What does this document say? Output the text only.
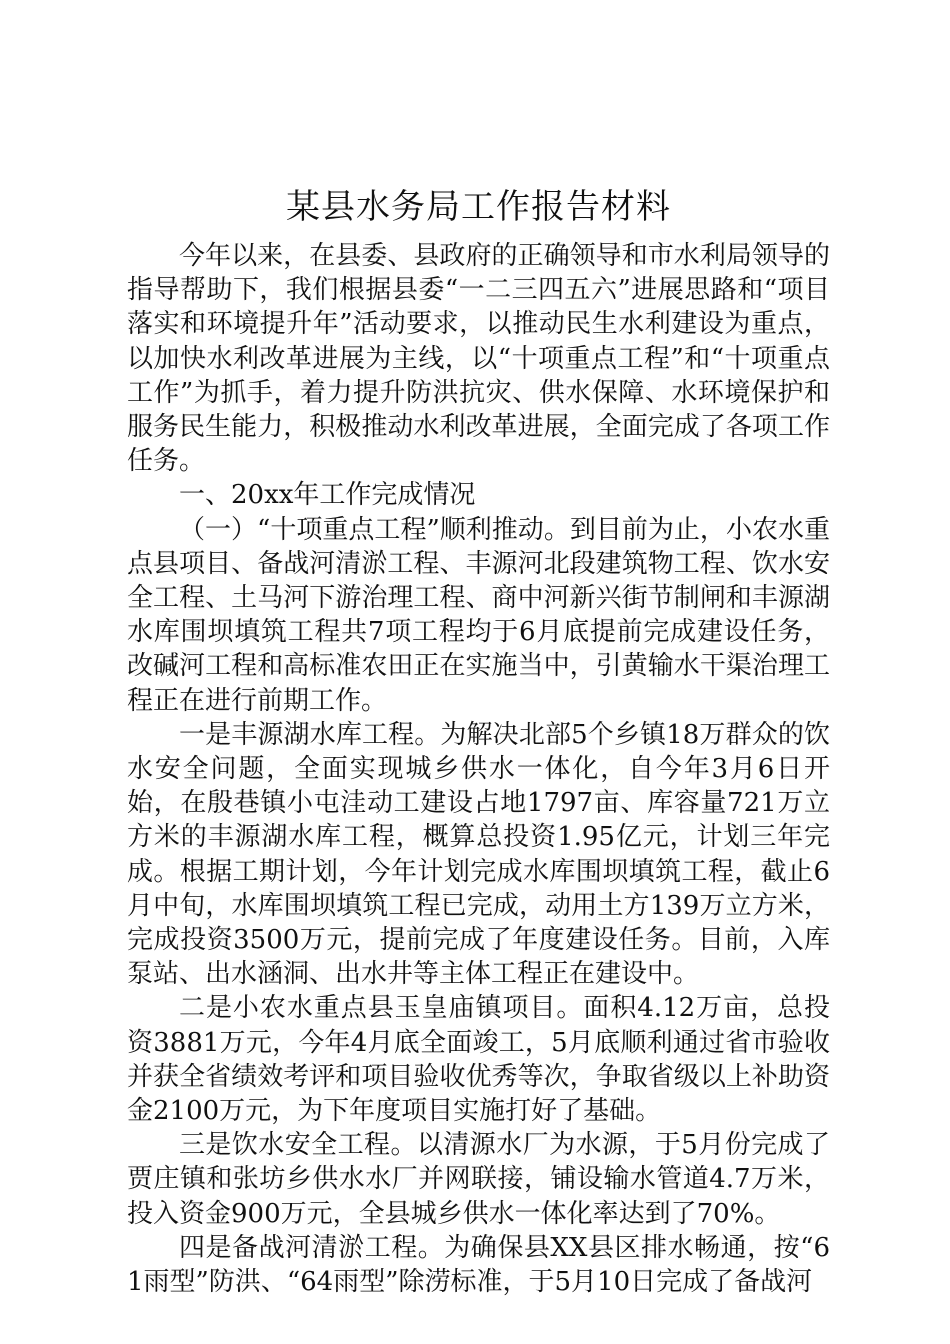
某县水务局工作报告材料

今年以来，在县委、县政府的正确领导和市水利局领导的指导帮助下，我们根据县委“一二三四五六”进展思路和“项目落实和环境提升年”活动要求，以推动民生水利建设为重点，以加快水利改革进展为主线，以“十项重点工程”和“十项重点工作”为抓手，着力提升防洪抗灾、供水保障、水环境保护和服务民生能力，积极推动水利改革进展，全面完成了各项工作任务。

一、20xx年工作完成情况

（一）“十项重点工程”顺利推动。到目前为止，小农水重点县项目、备战河清淤工程、丰源河北段建筑物工程、饮水安全工程、土马河下游治理工程、商中河新兴街节制闸和丰源湖水库围坝填筑工程共7项工程均于6月底提前完成建设任务，改碱河工程和高标准农田正在实施当中，引黄输水干渠治理工程正在进行前期工作。

一是丰源湖水库工程。为解决北部5个乡镇18万群众的饮水安全问题，全面实现城乡供水一体化，自今年3月6日开始，在殷巷镇小屯洼动工建设占地1797亩、库容量721万立方米的丰源湖水库工程，概算总投资1.95亿元，计划三年完成。根据工期计划，今年计划完成水库围坝填筑工程，截止6月中旬，水库围坝填筑工程已完成，动用土方139万立方米，完成投资3500万元，提前完成了年度建设任务。目前，入库泵站、出水涵洞、出水井等主体工程正在建设中。

二是小农水重点县玉皇庙镇项目。面积4.12万亩，总投资3881万元，今年4月底全面竣工，5月底顺利通过省市验收并获全省绩效考评和项目验收优秀等次，争取省级以上补助资金2100万元，为下年度项目实施打好了基础。

三是饮水安全工程。以清源水厂为水源，于5月份完成了贾庄镇和张坊乡供水水厂并网联接，铺设输水管道4.7万米，投入资金900万元，全县城乡供水一体化率达到了70%。

四是备战河清淤工程。为确保县XX县区排水畅通，按“61雨型”防洪、“64雨型”除涝标准，于5月10日完成了备战河
